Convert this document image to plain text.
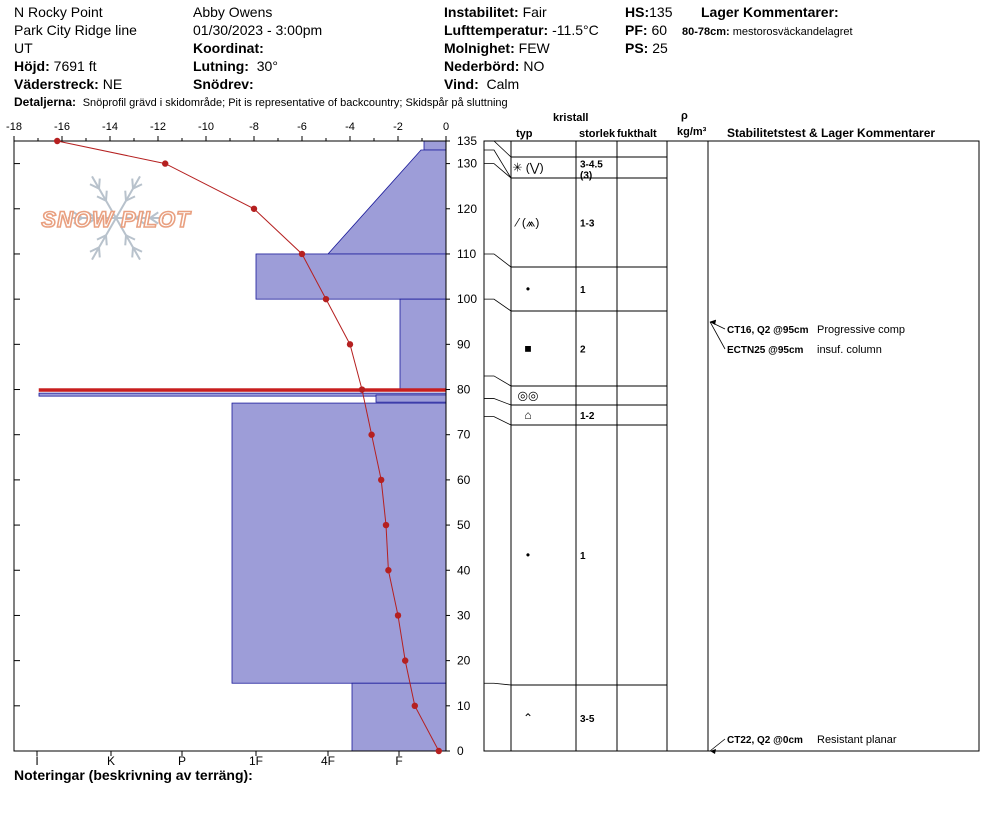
N Rocky Point
Park City Ridge line
UT
Höjd: 7691 ft
Väderstreck: NE
Abby Owens
01/30/2023 - 3:00pm
Koordinat:
Lutning: 30°
Snödrev:
Instabilitet: Fair
Lufttemperatur: -11.5°C
Molnighet: FEW
Nederbörd: NO
Vind: Calm
HS:135
PF: 60
PS: 25
Lager Kommentarer:
80-78cm: mestorosväckandelagret
Detaljerna: Snöprofil grävd i skidområde; Pit is representative of backcountry; Skidspår på sluttning
kristall
typ	storlek fukthalt
ρ
kg/m³ Stabilitetstest & Lager Kommentarer
Noteringar (beskrivning av terräng):
-18	-16	-14	-12	-10	-8	-6	-4	-2	0
0
10
20
30
40
50
60
70
80
90
100
110
120
130
135
I	K	P	1F	4F	F
SNOW PILOT
✳ (⋁)	3-4.5
(3)
⁄ (⩕)	1-3
•	1
■	2
◎◎
⌂	1-2
•	1
⌃	3-5
CT16, Q2 @95cm Progressive comp
ECTN25 @95cm insuf. column
CT22, Q2 @0cm Resistant planar
